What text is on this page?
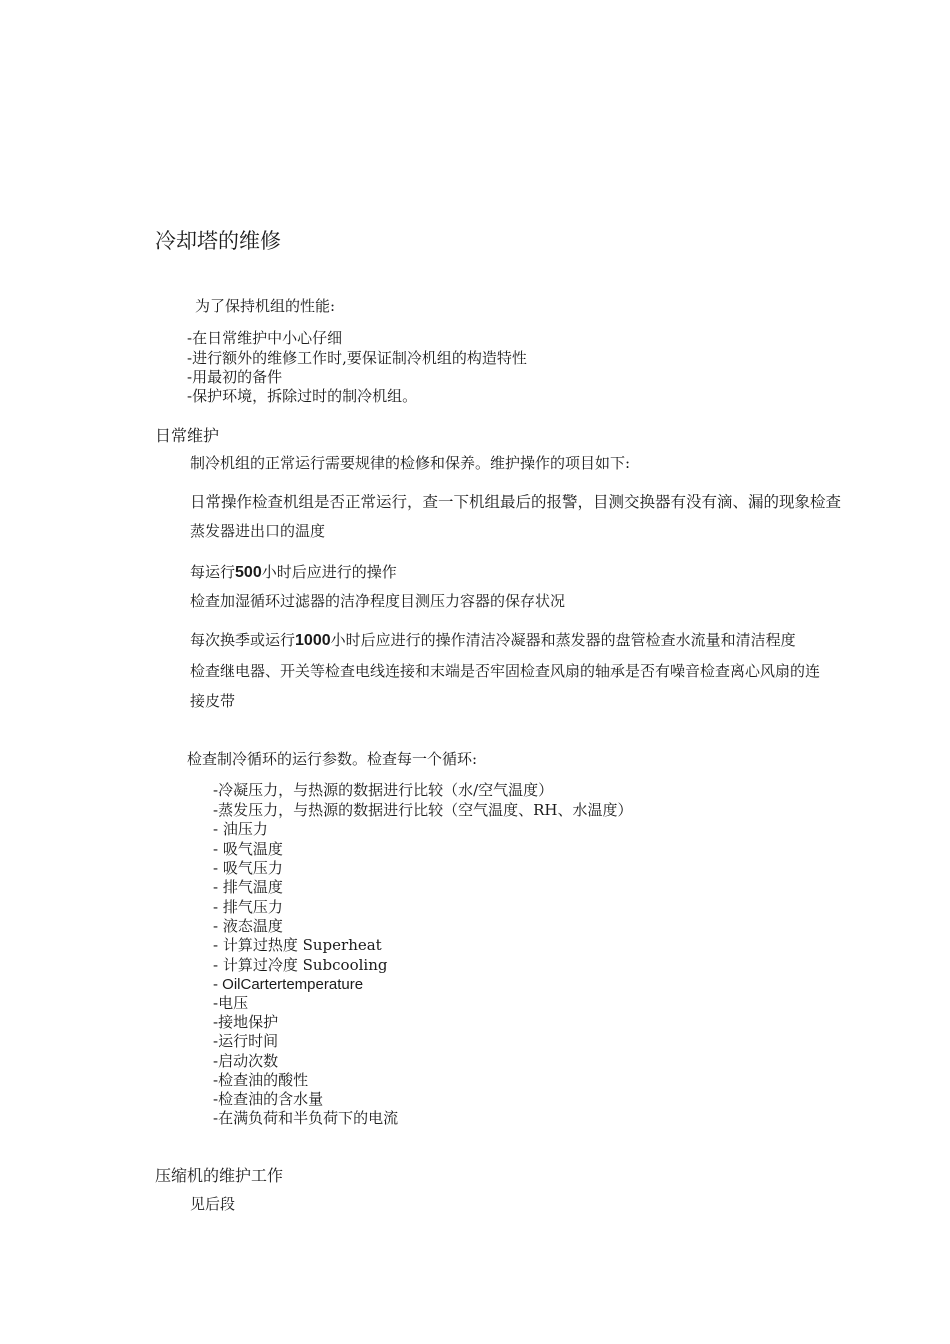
冷却塔的维修
为了保持机组的性能:
-在日常维护中小心仔细
-进行额外的维修工作时,要保证制冷机组的构造特性
-用最初的备件
-保护环境，拆除过时的制冷机组。
日常维护
制冷机组的正常运行需要规律的检修和保养。维护操作的项目如下:
日常操作检查机组是否正常运行，查一下机组最后的报警，目测交换器有没有滴、漏的现象检查
蒸发器进出口的温度
每运行500小时后应进行的操作
检查加湿循环过滤器的洁净程度目测压力容器的保存状况
每次换季或运行1000小时后应进行的操作清洁冷凝器和蒸发器的盘管检查水流量和清洁程度
检查继电器、开关等检查电线连接和末端是否牢固检查风扇的轴承是否有噪音检查离心风扇的连
接皮带
检查制冷循环的运行参数。检查每一个循环:
-冷凝压力，与热源的数据进行比较（水/空气温度）
-蒸发压力，与热源的数据进行比较（空气温度、RH、水温度）
- 油压力
- 吸气温度
- 吸气压力
- 排气温度
- 排气压力
- 液态温度
- 计算过热度 Superheat
- 计算过冷度 Subcooling
- OilCartertemperature
-电压
-接地保护
-运行时间
-启动次数
-检查油的酸性
-检查油的含水量
-在满负荷和半负荷下的电流
压缩机的维护工作
见后段
